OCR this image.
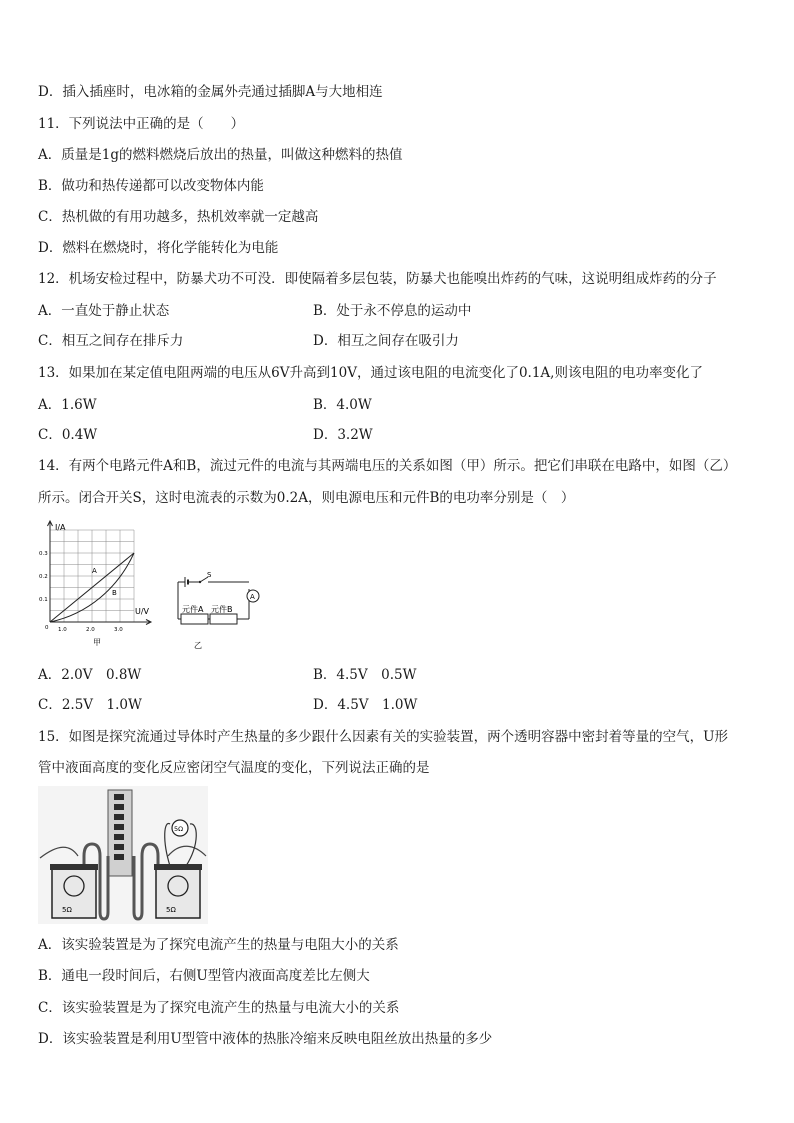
D．插入插座时，电冰箱的金属外壳通过插脚A与大地相连
11．下列说法中正确的是（　　）
A．质量是1g的燃料燃烧后放出的热量，叫做这种燃料的热值
B．做功和热传递都可以改变物体内能
C．热机做的有用功越多，热机效率就一定越高
D．燃料在燃烧时，将化学能转化为电能
12．机场安检过程中，防暴犬功不可没．即使隔着多层包装，防暴犬也能嗅出炸药的气味，这说明组成炸药的分子
A．一直处于静止状态	B．处于永不停息的运动中
C．相互之间存在排斥力	D．相互之间存在吸引力
13．如果加在某定值电阻两端的电压从6V升高到10V，通过该电阻的电流变化了0.1A,则该电阻的电功率变化了
A．1.6W	B．4.0W
C．0.4W	D．3.2W
14．有两个电路元件A和B，流过元件的电流与其两端电压的关系如图（甲）所示。把它们串联在电路中，如图（乙）
所示。闭合开关S，这时电流表的示数为0.2A，则电源电压和元件B的电功率分别是（　）
I/A
U/V
0.3
0.2
0.1
0 1.0	2.0	3.0
A
B
甲
S
A
元件A 元件B
乙
A．2.0V　0.8W	B．4.5V　0.5W
C．2.5V　1.0W	D．4.5V　1.0W
15．如图是探究流通过导体时产生热量的多少跟什么因素有关的实验装置，两个透明容器中密封着等量的空气，U形
管中液面高度的变化反应密闭空气温度的变化，下列说法正确的是
5Ω	5Ω
5Ω
A．该实验装置是为了探究电流产生的热量与电阻大小的关系
B．通电一段时间后，右侧U型管内液面高度差比左侧大
C．该实验装置是为了探究电流产生的热量与电流大小的关系
D．该实验装置是利用U型管中液体的热胀冷缩来反映电阻丝放出热量的多少
